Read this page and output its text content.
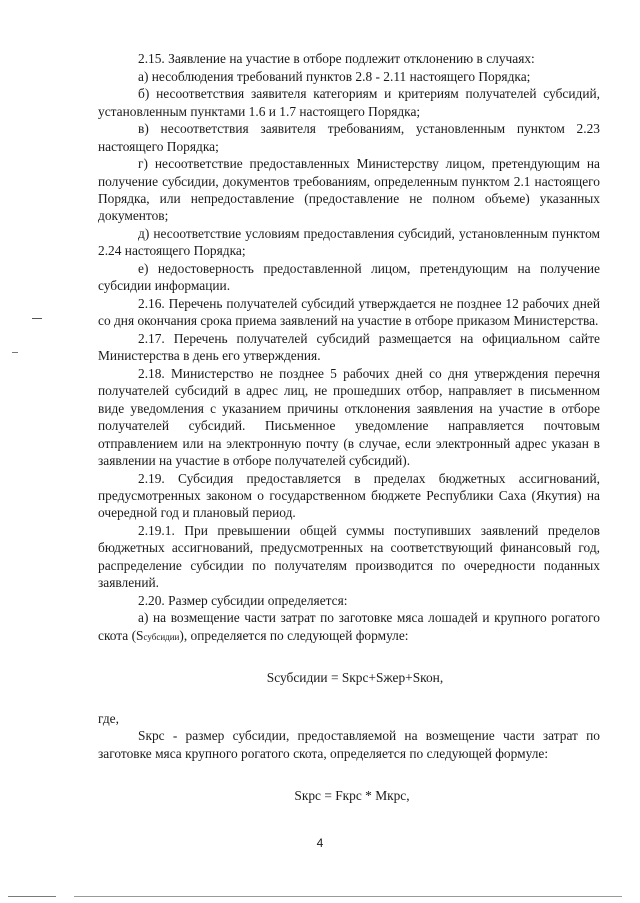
2.15. Заявление на участие в отборе подлежит отклонению в случаях:

а) несоблюдения требований пунктов 2.8 - 2.11 настоящего Порядка;

б) несоответствия заявителя категориям и критериям получателей субсидий, установленным пунктами 1.6 и 1.7 настоящего Порядка;

в) несоответствия заявителя требованиям, установленным пунктом 2.23 настоящего Порядка;

г) несоответствие предоставленных Министерству лицом, претендующим на получение субсидии, документов требованиям, определенным пунктом 2.1 настоящего Порядка, или непредоставление (предоставление не полном объеме) указанных документов;

д) несоответствие условиям предоставления субсидий, установленным пунктом 2.24 настоящего Порядка;

е) недостоверность предоставленной лицом, претендующим на получение субсидии информации.

2.16. Перечень получателей субсидий утверждается не позднее 12 рабочих дней со дня окончания срока приема заявлений на участие в отборе приказом Министерства.

2.17. Перечень получателей субсидий размещается на официальном сайте Министерства в день его утверждения.

2.18. Министерство не позднее 5 рабочих дней со дня утверждения перечня получателей субсидий в адрес лиц, не прошедших отбор, направляет в письменном виде уведомления с указанием причины отклонения заявления на участие в отборе получателей субсидий. Письменное уведомление направляется почтовым отправлением или на электронную почту (в случае, если электронный адрес указан в заявлении на участие в отборе получателей субсидий).

2.19. Субсидия предоставляется в пределах бюджетных ассигнований, предусмотренных законом о государственном бюджете Республики Саха (Якутия) на очередной год и плановый период.

2.19.1. При превышении общей суммы поступивших заявлений пределов бюджетных ассигнований, предусмотренных на соответствующий финансовый год, распределение субсидии по получателям производится по очередности поданных заявлений.

2.20. Размер субсидии определяется:

а) на возмещение части затрат по заготовке мяса лошадей и крупного рогатого скота (Sсубсидии), определяется по следующей формуле:

Sсубсидии = Sкрс+Sжер+Sкон,

где,

Sкрс - размер субсидии, предоставляемой на возмещение части затрат по заготовке мяса крупного рогатого скота, определяется по следующей формуле:

Sкрс = Fкрс * Mкрс,

4
